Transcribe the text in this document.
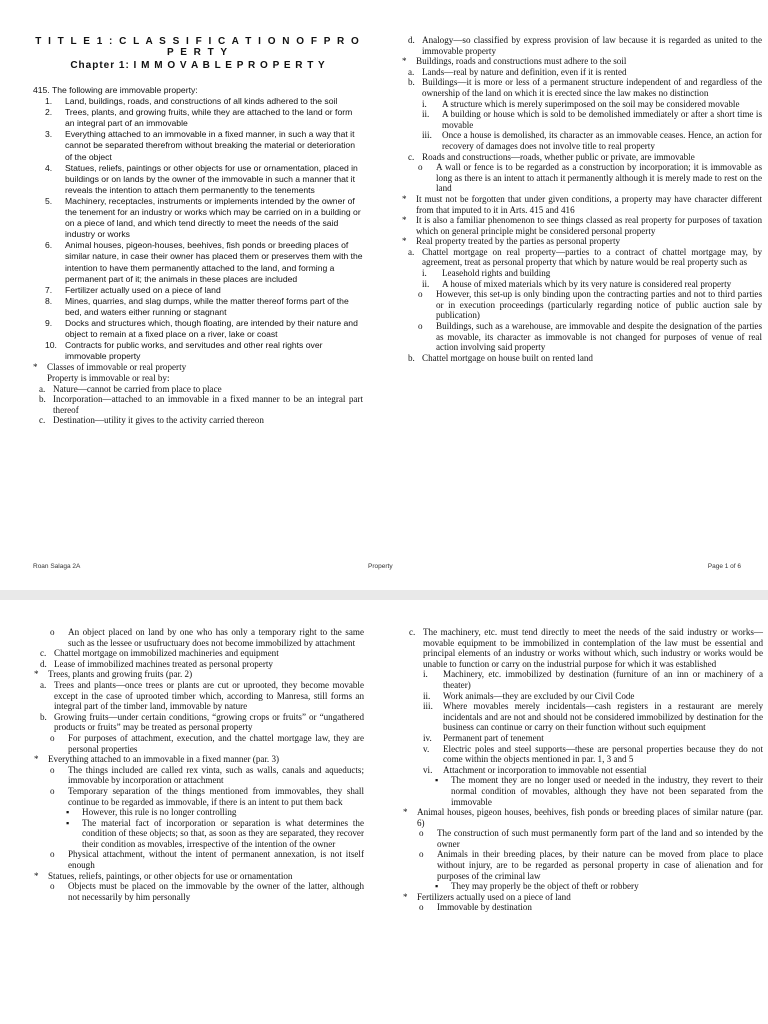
T I T L E 1 : C L A S S I F I C A T I O N O F P R O P E R T Y
Chapter 1: I M M O V A B L E P R O P E R T Y
415. The following are immovable property:
1. Land, buildings, roads, and constructions of all kinds adhered to the soil
2. Trees, plants, and growing fruits, while they are attached to the land or form an integral part of an immovable
3. Everything attached to an immovable in a fixed manner, in such a way that it cannot be separated therefrom without breaking the material or deterioration of the object
4. Statues, reliefs, paintings or other objects for use or ornamentation, placed in buildings or on lands by the owner of the immovable in such a manner that it reveals the intention to attach them permanently to the tenements
5. Machinery, receptacles, instruments or implements intended by the owner of the tenement for an industry or works which may be carried on in a building or on a piece of land, and which tend directly to meet the needs of the said industry or works
6. Animal houses, pigeon-houses, beehives, fish ponds or breeding places of similar nature, in case their owner has placed them or preserves them with the intention to have them permanently attached to the land, and forming a permanent part of it; the animals in these places are included
7. Fertilizer actually used on a piece of land
8. Mines, quarries, and slag dumps, while the matter thereof forms part of the bed, and waters either running or stagnant
9. Docks and structures which, though floating, are intended by their nature and object to remain at a fixed place on a river, lake or coast
10. Contracts for public works, and servitudes and other real rights over immovable property
* Classes of immovable or real property
Property is immovable or real by:
a. Nature—cannot be carried from place to place
b. Incorporation—attached to an immovable in a fixed manner to be an integral part thereof
c. Destination—utility it gives to the activity carried thereon
d. Analogy—so classified by express provision of law because it is regarded as united to the immovable property
* Buildings, roads and constructions must adhere to the soil
a. Lands—real by nature and definition, even if it is rented
b. Buildings—it is more or less of a permanent structure independent of and regardless of the ownership of the land on which it is erected since the law makes no distinction
i. A structure which is merely superimposed on the soil may be considered movable
ii. A building or house which is sold to be demolished immediately or after a short time is movable
iii. Once a house is demolished, its character as an immovable ceases. Hence, an action for recovery of damages does not involve title to real property
c. Roads and constructions—roads, whether public or private, are immovable
o A wall or fence is to be regarded as a construction by incorporation; it is immovable as long as there is an intent to attach it permanently although it is merely made to rest on the land
* It must not be forgotten that under given conditions, a property may have character different from that imputed to it in Arts. 415 and 416
* It is also a familiar phenomenon to see things classed as real property for purposes of taxation which on general principle might be considered personal property
* Real property treated by the parties as personal property
a. Chattel mortgage on real property—parties to a contract of chattel mortgage may, by agreement, treat as personal property that which by nature would be real property such as
i. Leasehold rights and building
ii. A house of mixed materials which by its very nature is considered real property
o However, this set-up is only binding upon the contracting parties and not to third parties or in execution proceedings (particularly regarding notice of public auction sale by publication)
o Buildings, such as a warehouse, are immovable and despite the designation of the parties as movable, its character as immovable is not changed for purposes of venue of real action involving said property
b. Chattel mortgage on house built on rented land
Roan Salaga 2A	Property	Page 1 of 6
o An object placed on land by one who has only a temporary right to the same such as the lessee or usufructuary does not become immobilized by attachment
c. Chattel mortgage on immobilized machineries and equipment
d. Lease of immobilized machines treated as personal property
* Trees, plants and growing fruits (par. 2)
a. Trees and plants—once trees or plants are cut or uprooted, they become movable except in the case of uprooted timber which, according to Manresa, still forms an integral part of the timber land, immovable by nature
b. Growing fruits—under certain conditions, “growing crops or fruits” or “ungathered products or fruits” may be treated as personal property
o For purposes of attachment, execution, and the chattel mortgage law, they are personal properties
* Everything attached to an immovable in a fixed manner (par. 3)
o The things included are called rex vinta, such as walls, canals and aqueducts; immovable by incorporation or attachment
o Temporary separation of the things mentioned from immovables, they shall continue to be regarded as immovable, if there is an intent to put them back
▪ However, this rule is no longer controlling
▪ The material fact of incorporation or separation is what determines the condition of these objects; so that, as soon as they are separated, they recover their condition as movables, irrespective of the intention of the owner
o Physical attachment, without the intent of permanent annexation, is not itself enough
* Statues, reliefs, paintings, or other objects for use or ornamentation
o Objects must be placed on the immovable by the owner of the latter, although not necessarily by him personally
c. The machinery, etc. must tend directly to meet the needs of the said industry or works—movable equipment to be immobilized in contemplation of the law must be essential and principal elements of an industry or works without which, such industry or works would be unable to function or carry on the industrial purpose for which it was established
i. Machinery, etc. immobilized by destination (furniture of an inn or machinery of a theater)
ii. Work animals—they are excluded by our Civil Code
iii. Where movables merely incidentals—cash registers in a restaurant are merely incidentals and are not and should not be considered immobilized by destination for the business can continue or carry on their function without such equipment
iv. Permanent part of tenement
v. Electric poles and steel supports—these are personal properties because they do not come within the objects mentioned in par. 1, 3 and 5
vi. Attachment or incorporation to immovable not essential
▪ The moment they are no longer used or needed in the industry, they revert to their normal condition of movables, although they have not been separated from the immovable
* Animal houses, pigeon houses, beehives, fish ponds or breeding places of similar nature (par. 6)
o The construction of such must permanently form part of the land and so intended by the owner
o Animals in their breeding places, by their nature can be moved from place to place without injury, are to be regarded as personal property in case of alienation and for purposes of the criminal law
▪ They may properly be the object of theft or robbery
* Fertilizers actually used on a piece of land
o Immovable by destination
